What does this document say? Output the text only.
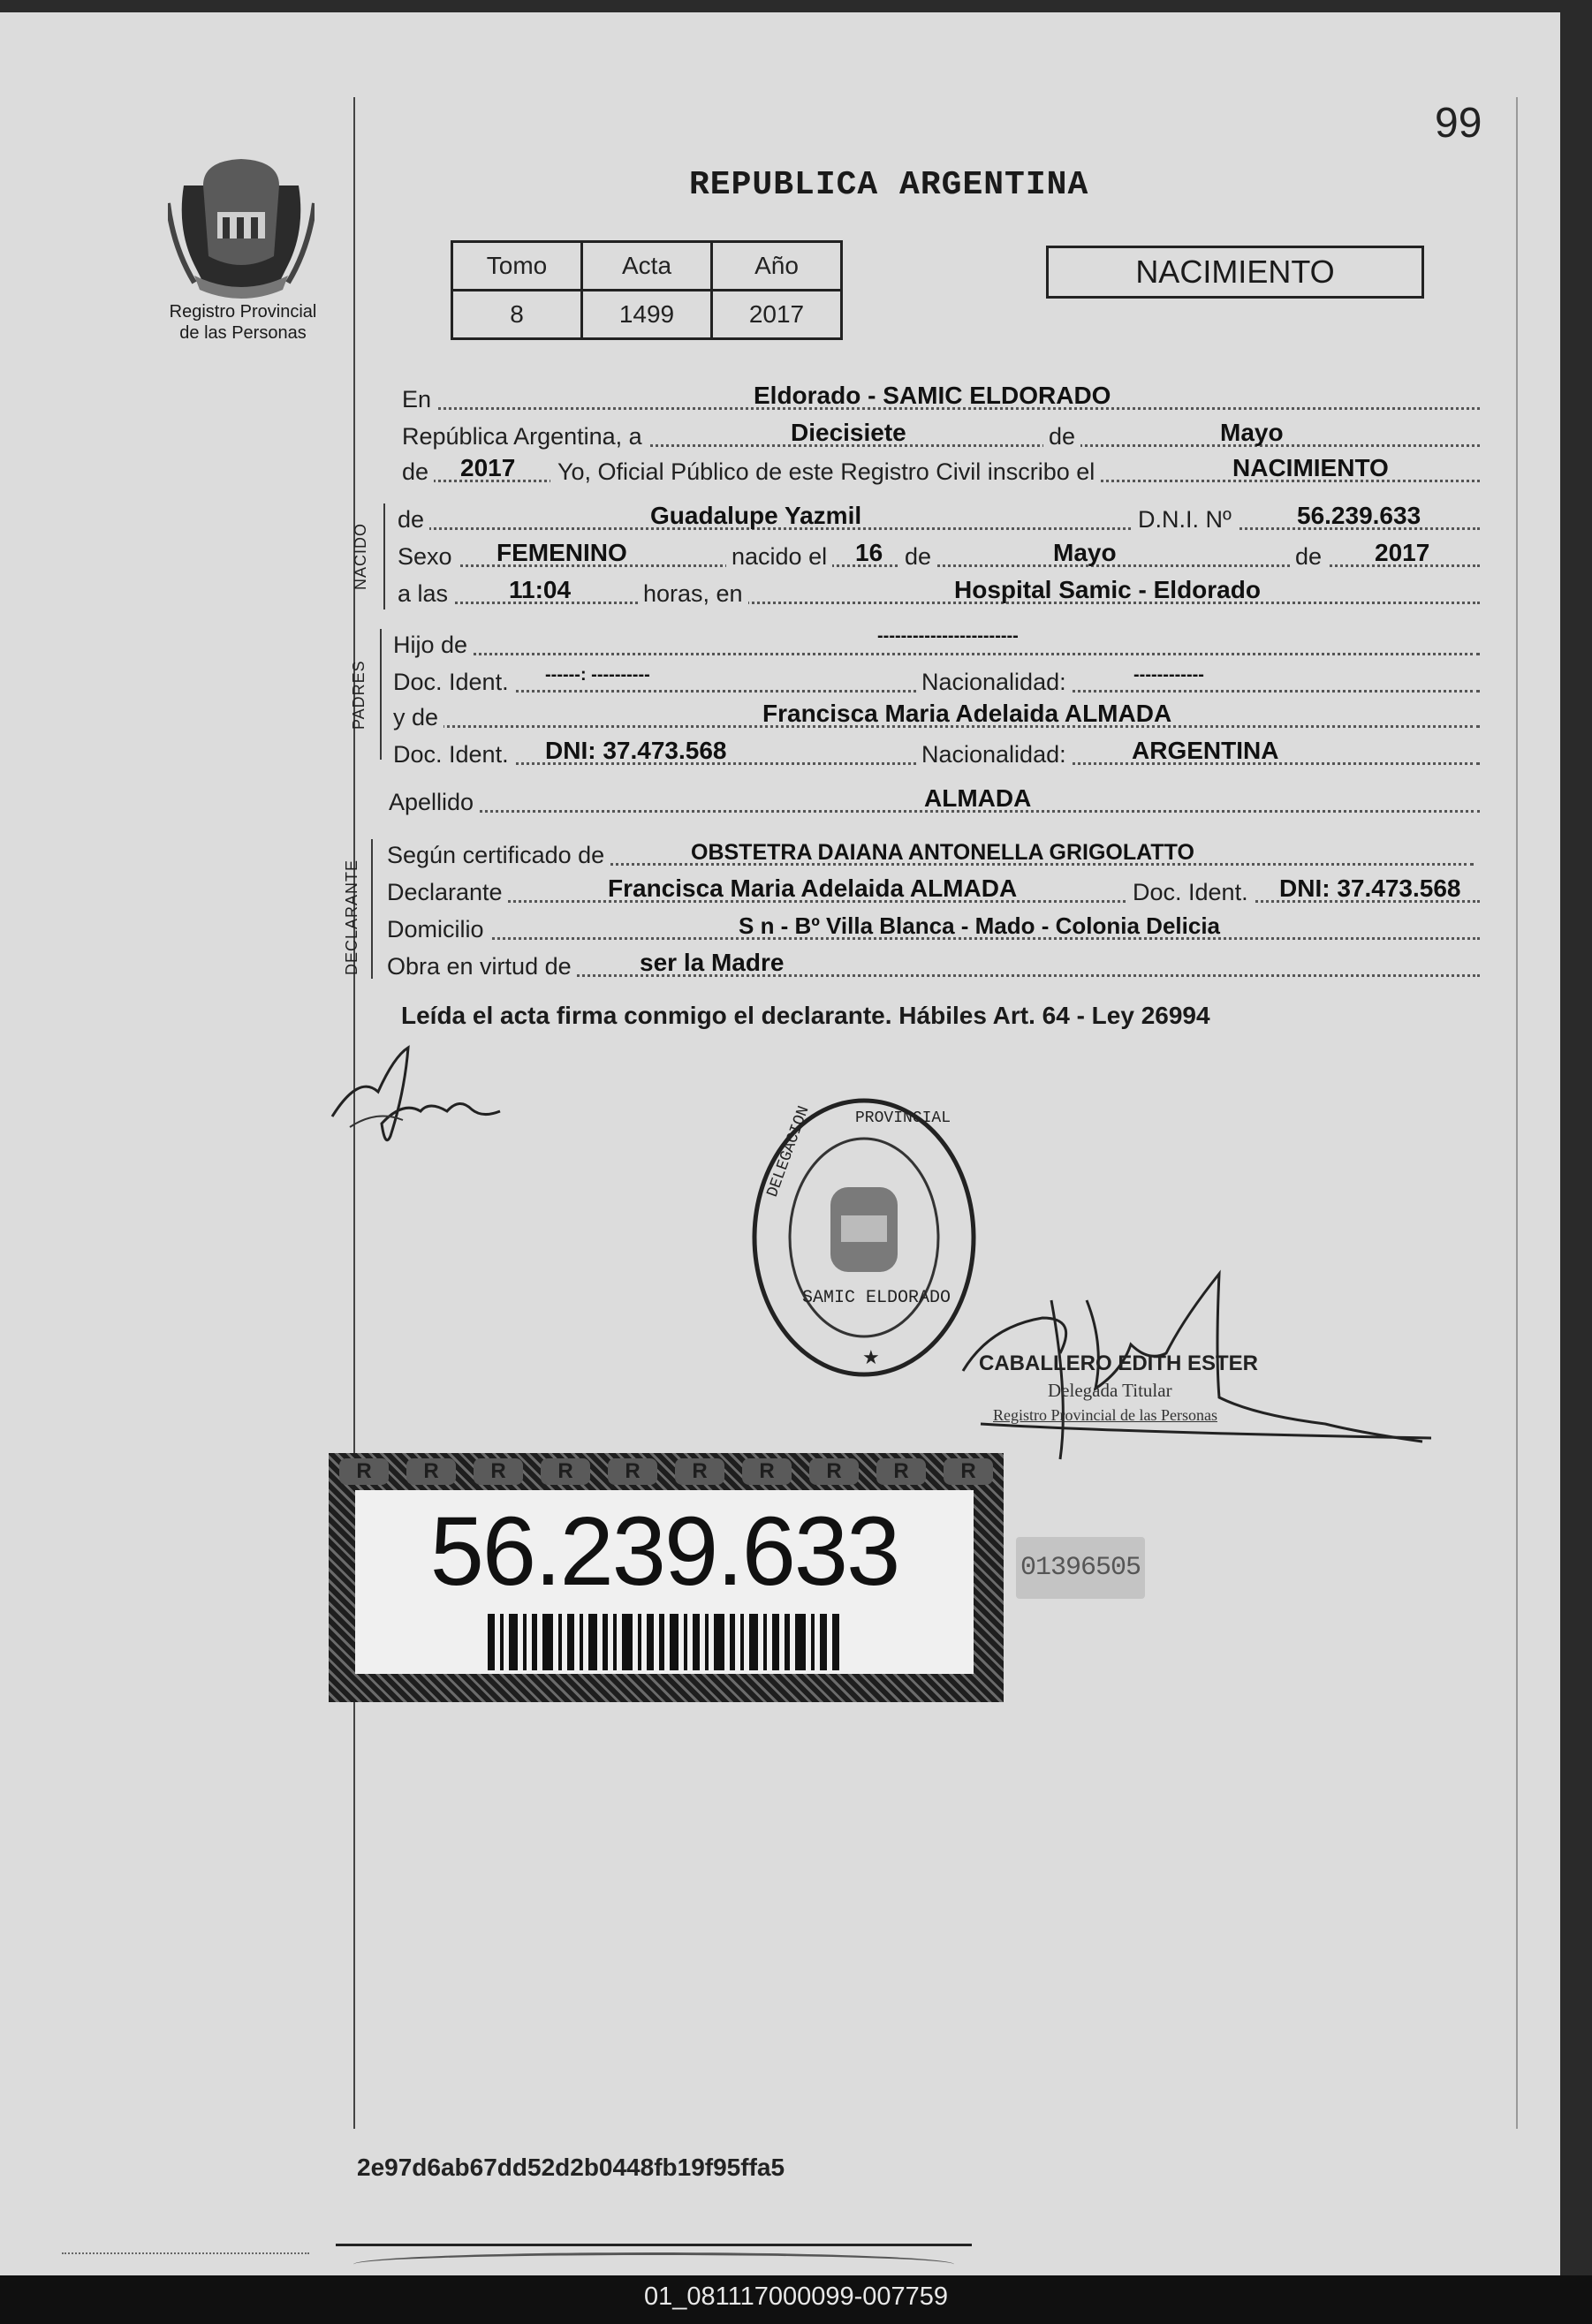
99
Registro Provincial
de las Personas
REPUBLICA ARGENTINA
Tomo	Acta	Año
8	1499	2017
NACIMIENTO
En	Eldorado - SAMIC ELDORADO
República Argentina, a	Diecisiete	de	Mayo
de 2017 Yo, Oficial Público de este Registro Civil inscribo el	NACIMIENTO
NACIDO
de	Guadalupe Yazmil	D.N.I. Nº	56.239.633
Sexo FEMENINO	nacido el 16 de	Mayo	de 2017
a las 11:04	horas, en	Hospital Samic - Eldorado
PADRES
Hijo de	------------------------
Doc. Ident.	------: ----------	Nacionalidad:	------------
y de	Francisca Maria Adelaida ALMADA
Doc. Ident. DNI: 37.473.568	Nacionalidad:	ARGENTINA
Apellido	ALMADA
DECLARANTE
Según certificado de	OBSTETRA DAIANA ANTONELLA GRIGOLATTO
Declarante	Francisca Maria Adelaida ALMADA	Doc. Ident. DNI: 37.473.568
Domicilio	S n - Bº Villa Blanca - Mado - Colonia Delicia
Obra en virtud de	ser la Madre
Leída el acta firma conmigo el declarante. Hábiles Art. 64 - Ley 26994
DELEGACION	PROVINCIAL
SAMIC ELDORADO
★	CABALLERO EDITH ESTER
Delegada Titular
Registro Provincial de las Personas
R	R	R	R	R	R	R	R	R	R
56.239.633	01396505
2e97d6ab67dd52d2b0448fb19f95ffa5
01_081117000099-007759
